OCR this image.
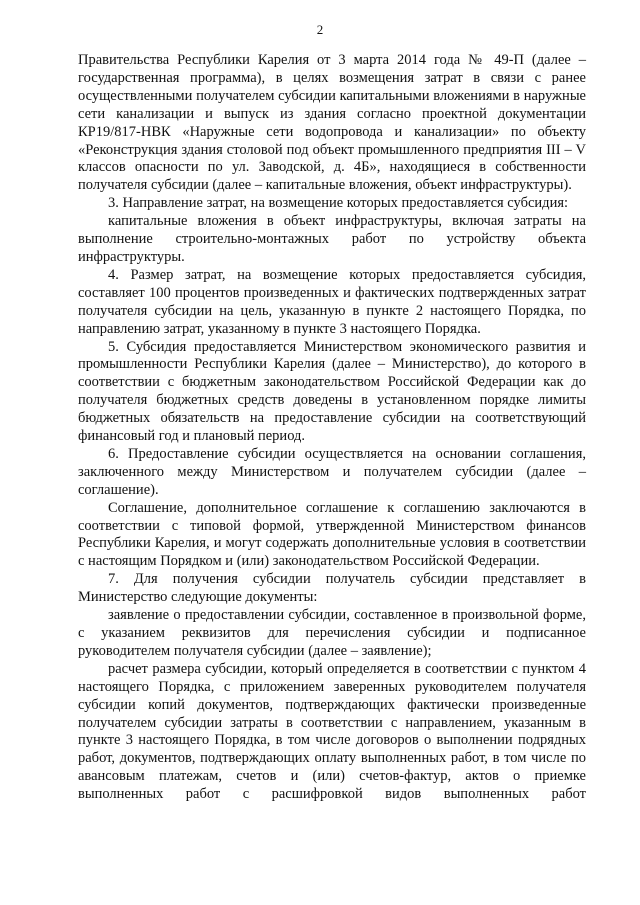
2

Правительства Республики Карелия от 3 марта 2014 года № 49-П (далее – государственная программа), в целях возмещения затрат в связи с ранее осуществленными получателем субсидии капитальными вложениями в наружные сети канализации и выпуск из здания согласно проектной документации КР19/817-НВК «Наружные сети водопровода и канализации» по объекту «Реконструкция здания столовой под объект промышленного предприятия III – V классов опасности по ул. Заводской, д. 4Б», находящиеся в собственности получателя субсидии (далее – капитальные вложения, объект инфраструктуры).

3. Направление затрат, на возмещение которых предоставляется субсидия:

капитальные вложения в объект инфраструктуры, включая затраты на выполнение строительно-монтажных работ по устройству объекта инфраструктуры.

4. Размер затрат, на возмещение которых предоставляется субсидия, составляет 100 процентов произведенных и фактических подтвержденных затрат получателя субсидии на цель, указанную в пункте 2 настоящего Порядка, по направлению затрат, указанному в пункте 3 настоящего Порядка.

5. Субсидия предоставляется Министерством экономического развития и промышленности Республики Карелия (далее – Министерство), до которого в соответствии с бюджетным законодательством Российской Федерации как до получателя бюджетных средств доведены в установленном порядке лимиты бюджетных обязательств на предоставление субсидии на соответствующий финансовый год и плановый период.

6. Предоставление субсидии осуществляется на основании соглашения, заключенного между Министерством и получателем субсидии (далее – соглашение).

Соглашение, дополнительное соглашение к соглашению заключаются в соответствии с типовой формой, утвержденной Министерством финансов Республики Карелия, и могут содержать дополнительные условия в соответствии с настоящим Порядком и (или) законодательством Российской Федерации.

7. Для получения субсидии получатель субсидии представляет в Министерство следующие документы:

заявление о предоставлении субсидии, составленное в произвольной форме, с указанием реквизитов для перечисления субсидии и подписанное руководителем получателя субсидии (далее – заявление);

расчет размера субсидии, который определяется в соответствии с пунктом 4 настоящего Порядка, с приложением заверенных руководителем получателя субсидии копий документов, подтверждающих фактически произведенные получателем субсидии затраты в соответствии с направлением, указанным в пункте 3 настоящего Порядка, в том числе договоров о выполнении подрядных работ, документов, подтверждающих оплату выполненных работ, в том числе по авансовым платежам, счетов и (или) счетов-фактур, актов о приемке выполненных работ с расшифровкой видов выполненных работ
